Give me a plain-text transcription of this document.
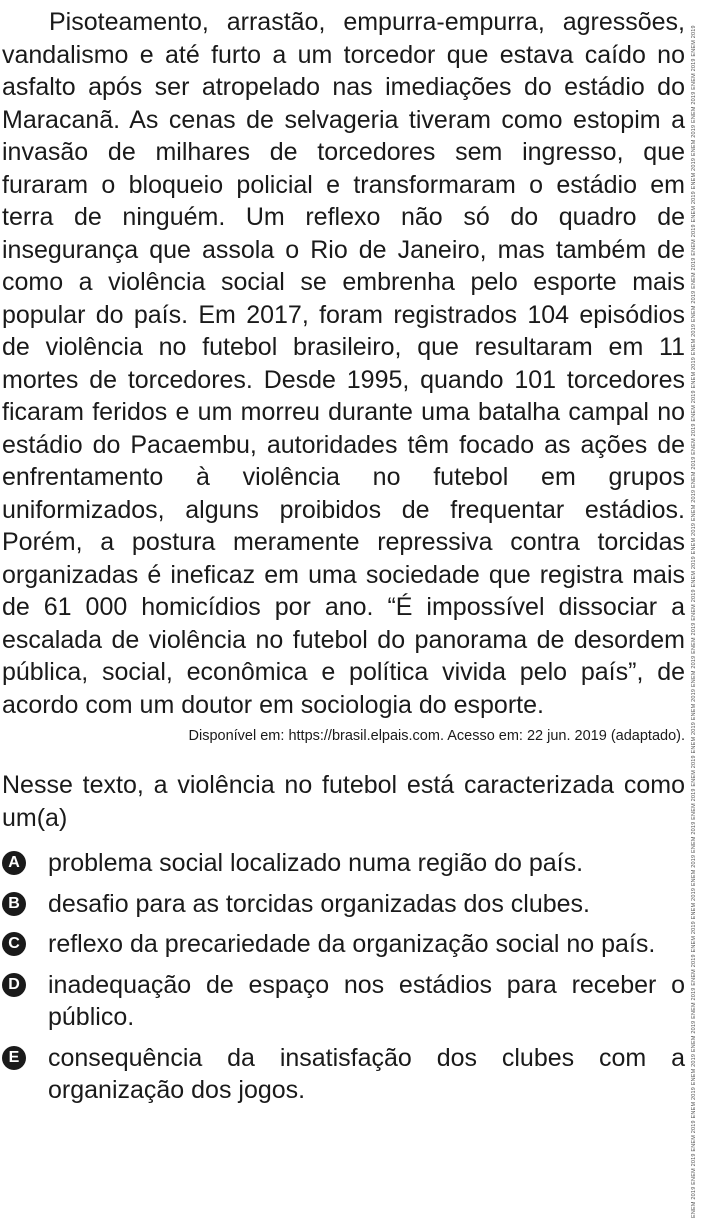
Pisoteamento, arrastão, empurra-empurra, agressões, vandalismo e até furto a um torcedor que estava caído no asfalto após ser atropelado nas imediações do estádio do Maracanã. As cenas de selvageria tiveram como estopim a invasão de milhares de torcedores sem ingresso, que furaram o bloqueio policial e transformaram o estádio em terra de ninguém. Um reflexo não só do quadro de insegurança que assola o Rio de Janeiro, mas também de como a violência social se embrenha pelo esporte mais popular do país. Em 2017, foram registrados 104 episódios de violência no futebol brasileiro, que resultaram em 11 mortes de torcedores. Desde 1995, quando 101 torcedores ficaram feridos e um morreu durante uma batalha campal no estádio do Pacaembu, autoridades têm focado as ações de enfrentamento à violência no futebol em grupos uniformizados, alguns proibidos de frequentar estádios. Porém, a postura meramente repressiva contra torcidas organizadas é ineficaz em uma sociedade que registra mais de 61 000 homicídios por ano. “É impossível dissociar a escalada de violência no futebol do panorama de desordem pública, social, econômica e política vivida pelo país”, de acordo com um doutor em sociologia do esporte.

Disponível em: https://brasil.elpais.com. Acesso em: 22 jun. 2019 (adaptado).

Nesse texto, a violência no futebol está caracterizada como um(a)

A problema social localizado numa região do país.
B desafio para as torcidas organizadas dos clubes.
C reflexo da precariedade da organização social no país.
D inadequação de espaço nos estádios para receber o público.
E consequência da insatisfação dos clubes com a organização dos jogos.	ENEM 2019 ENEM 2019 ENEM 2019 ENEM 2019 ENEM 2019 ENEM 2019 ENEM 2019 ENEM 2019 ENEM 2019 ENEM 2019 ENEM 2019 ENEM 2019 ENEM 2019 ENEM 2019 ENEM 2019 ENEM 2019 ENEM 2019 ENEM 2019 ENEM 2019 ENEM 2019 ENEM 2019 ENEM 2019 ENEM 2019 ENEM 2019 ENEM 2019 ENEM 2019 ENEM 2019 ENEM 2019 ENEM 2019 ENEM 2019 ENEM 2019 ENEM 2019 ENEM 2019 ENEM 2019 ENEM 2019 ENEM 2019
